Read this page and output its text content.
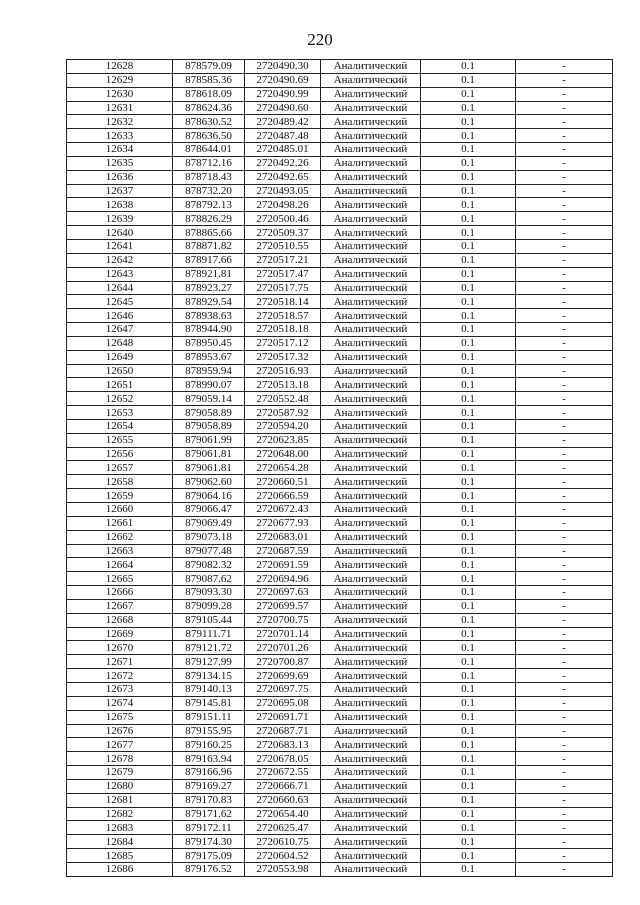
220
12628	878579.09	2720490.30	Аналитический	0.1	-
12629	878585.36	2720490.69	Аналитический	0.1	-
12630	878618.09	2720490.99	Аналитический	0.1	-
12631	878624.36	2720490.60	Аналитический	0.1	-
12632	878630.52	2720489.42	Аналитический	0.1	-
12633	878636.50	2720487.48	Аналитический	0.1	-
12634	878644.01	2720485.01	Аналитический	0.1	-
12635	878712.16	2720492.26	Аналитический	0.1	-
12636	878718.43	2720492.65	Аналитический	0.1	-
12637	878732.20	2720493.05	Аналитический	0.1	-
12638	878792.13	2720498.26	Аналитический	0.1	-
12639	878826.29	2720500.46	Аналитический	0.1	-
12640	878865.66	2720509.37	Аналитический	0.1	-
12641	878871.82	2720510.55	Аналитический	0.1	-
12642	878917.66	2720517.21	Аналитический	0.1	-
12643	878921.81	2720517.47	Аналитический	0.1	-
12644	878923.27	2720517.75	Аналитический	0.1	-
12645	878929.54	2720518.14	Аналитический	0.1	-
12646	878938.63	2720518.57	Аналитический	0.1	-
12647	878944.90	2720518.18	Аналитический	0.1	-
12648	878950.45	2720517.12	Аналитический	0.1	-
12649	878953.67	2720517.32	Аналитический	0.1	-
12650	878959.94	2720516.93	Аналитический	0.1	-
12651	878990.07	2720513.18	Аналитический	0.1	-
12652	879059.14	2720552.48	Аналитический	0.1	-
12653	879058.89	2720587.92	Аналитический	0.1	-
12654	879058.89	2720594.20	Аналитический	0.1	-
12655	879061.99	2720623.85	Аналитический	0.1	-
12656	879061.81	2720648.00	Аналитический	0.1	-
12657	879061.81	2720654.28	Аналитический	0.1	-
12658	879062.60	2720660.51	Аналитический	0.1	-
12659	879064.16	2720666.59	Аналитический	0.1	-
12660	879066.47	2720672.43	Аналитический	0.1	-
12661	879069.49	2720677.93	Аналитический	0.1	-
12662	879073.18	2720683.01	Аналитический	0.1	-
12663	879077.48	2720687.59	Аналитический	0.1	-
12664	879082.32	2720691.59	Аналитический	0.1	-
12665	879087.62	2720694.96	Аналитический	0.1	-
12666	879093.30	2720697.63	Аналитический	0.1	-
12667	879099.28	2720699.57	Аналитический	0.1	-
12668	879105.44	2720700.75	Аналитический	0.1	-
12669	879111.71	2720701.14	Аналитический	0.1	-
12670	879121.72	2720701.26	Аналитический	0.1	-
12671	879127.99	2720700.87	Аналитический	0.1	-
12672	879134.15	2720699.69	Аналитический	0.1	-
12673	879140.13	2720697.75	Аналитический	0.1	-
12674	879145.81	2720695.08	Аналитический	0.1	-
12675	879151.11	2720691.71	Аналитический	0.1	-
12676	879155.95	2720687.71	Аналитический	0.1	-
12677	879160.25	2720683.13	Аналитический	0.1	-
12678	879163.94	2720678.05	Аналитический	0.1	-
12679	879166.96	2720672.55	Аналитический	0.1	-
12680	879169.27	2720666.71	Аналитический	0.1	-
12681	879170.83	2720660.63	Аналитический	0.1	-
12682	879171.62	2720654.40	Аналитический	0.1	-
12683	879172.11	2720625.47	Аналитический	0.1	-
12684	879174.30	2720610.75	Аналитический	0.1	-
12685	879175.09	2720604.52	Аналитический	0.1	-
12686	879176.52	2720553.98	Аналитический	0.1	-
